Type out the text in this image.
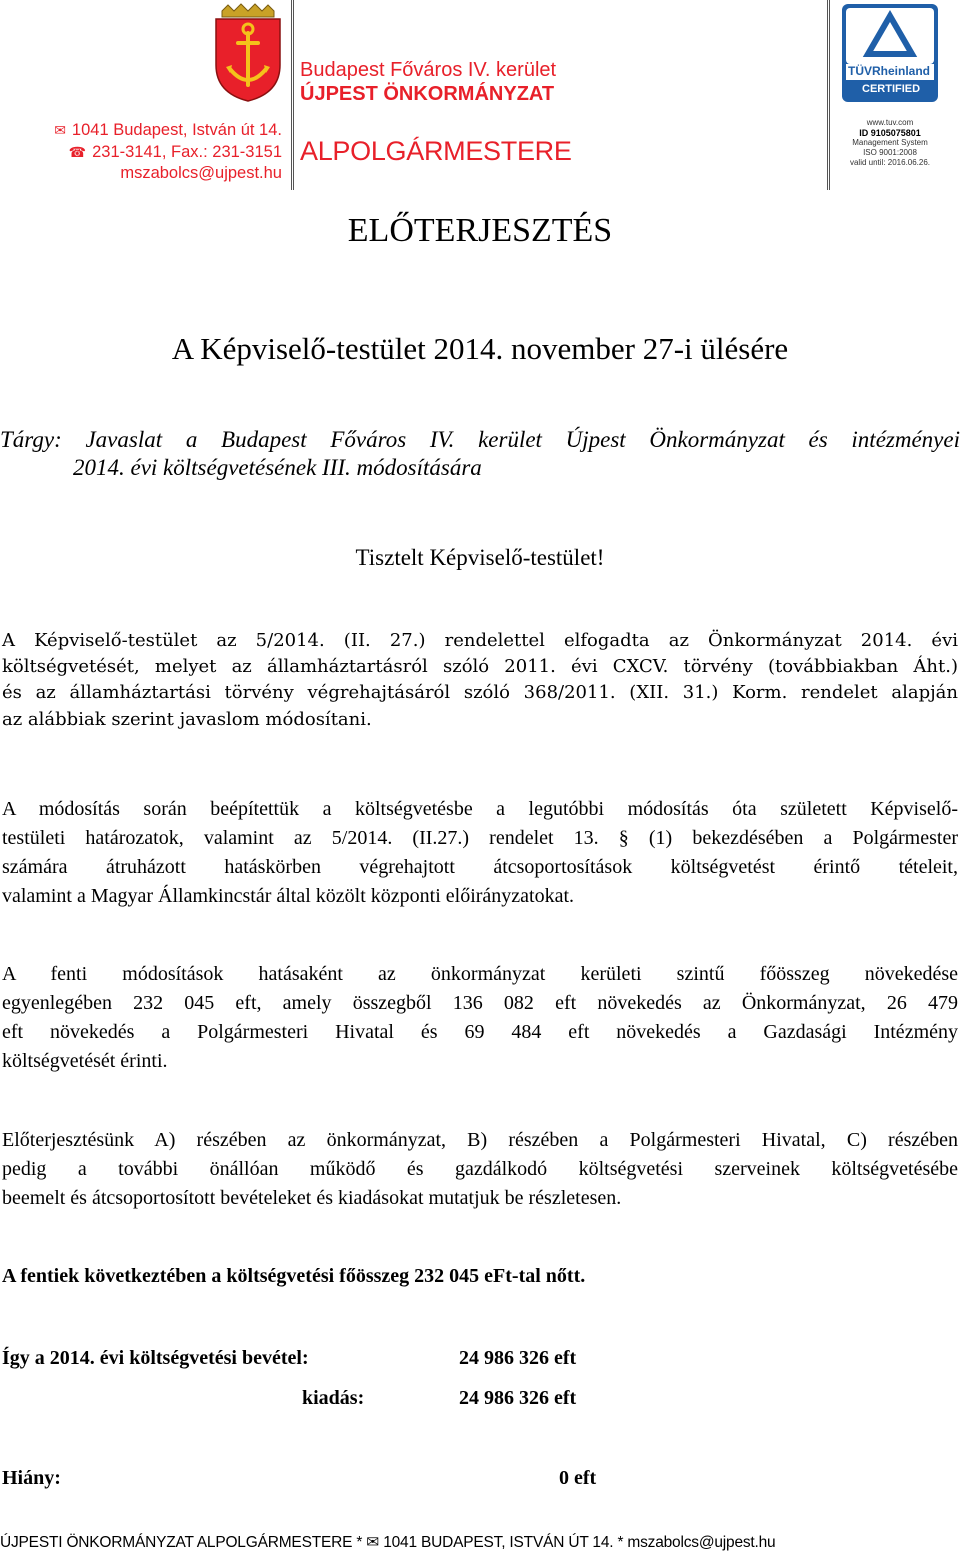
✉ 1041 Budapest, István út 14.
☎ 231-3141, Fax.: 231-3151
mszabolcs@ujpest.hu
Budapest Főváros IV. kerület
ÚJPEST ÖNKORMÁNYZAT
ALPOLGÁRMESTERE
TÜVRheinland
CERTIFIED
www.tuv.com
ID 9105075801
Management System
ISO 9001:2008
valid until: 2016.06.26.
ELŐTERJESZTÉS
A Képviselő-testület 2014. november 27-i ülésére
Tárgy: Javaslat a Budapest Főváros IV. kerület Újpest Önkormányzat és intézményei
2014. évi költségvetésének III. módosítására
Tisztelt Képviselő-testület!
A Képviselő-testület az 5/2014. (II. 27.) rendelettel elfogadta az Önkormányzat 2014. évi
költségvetését, melyet az államháztartásról szóló 2011. évi CXCV. törvény (továbbiakban Áht.)
és az államháztartási törvény végrehajtásáról szóló 368/2011. (XII. 31.) Korm. rendelet alapján
az alábbiak szerint javaslom módosítani.
A módosítás során beépítettük a költségvetésbe a legutóbbi módosítás óta született Képviselő-
testületi határozatok, valamint az 5/2014. (II.27.) rendelet 13. § (1) bekezdésében a Polgármester
számára átruházott hatáskörben végrehajtott átcsoportosítások költségvetést érintő tételeit,
valamint a Magyar Államkincstár által közölt központi előirányzatokat.
A fenti módosítások hatásaként az önkormányzat kerületi szintű főösszeg növekedése
egyenlegében 232 045 eft, amely összegből 136 082 eft növekedés az Önkormányzat, 26 479
eft növekedés a Polgármesteri Hivatal és 69 484 eft növekedés a Gazdasági Intézmény
költségvetését érinti.
Előterjesztésünk A) részében az önkormányzat, B) részében a Polgármesteri Hivatal, C) részében
pedig a további önállóan működő és gazdálkodó költségvetési szerveinek költségvetésébe
beemelt és átcsoportosított bevételeket és kiadásokat mutatjuk be részletesen.
A fentiek következtében a költségvetési főösszeg 232 045 eFt-tal nőtt.
Így a 2014. évi költségvetési bevétel:	24 986 326 eft
kiadás:	24 986 326 eft
Hiány:	0 eft
ÚJPESTI ÖNKORMÁNYZAT ALPOLGÁRMESTERE * ✉ 1041 BUDAPEST, ISTVÁN ÚT 14. * mszabolcs@ujpest.hu
